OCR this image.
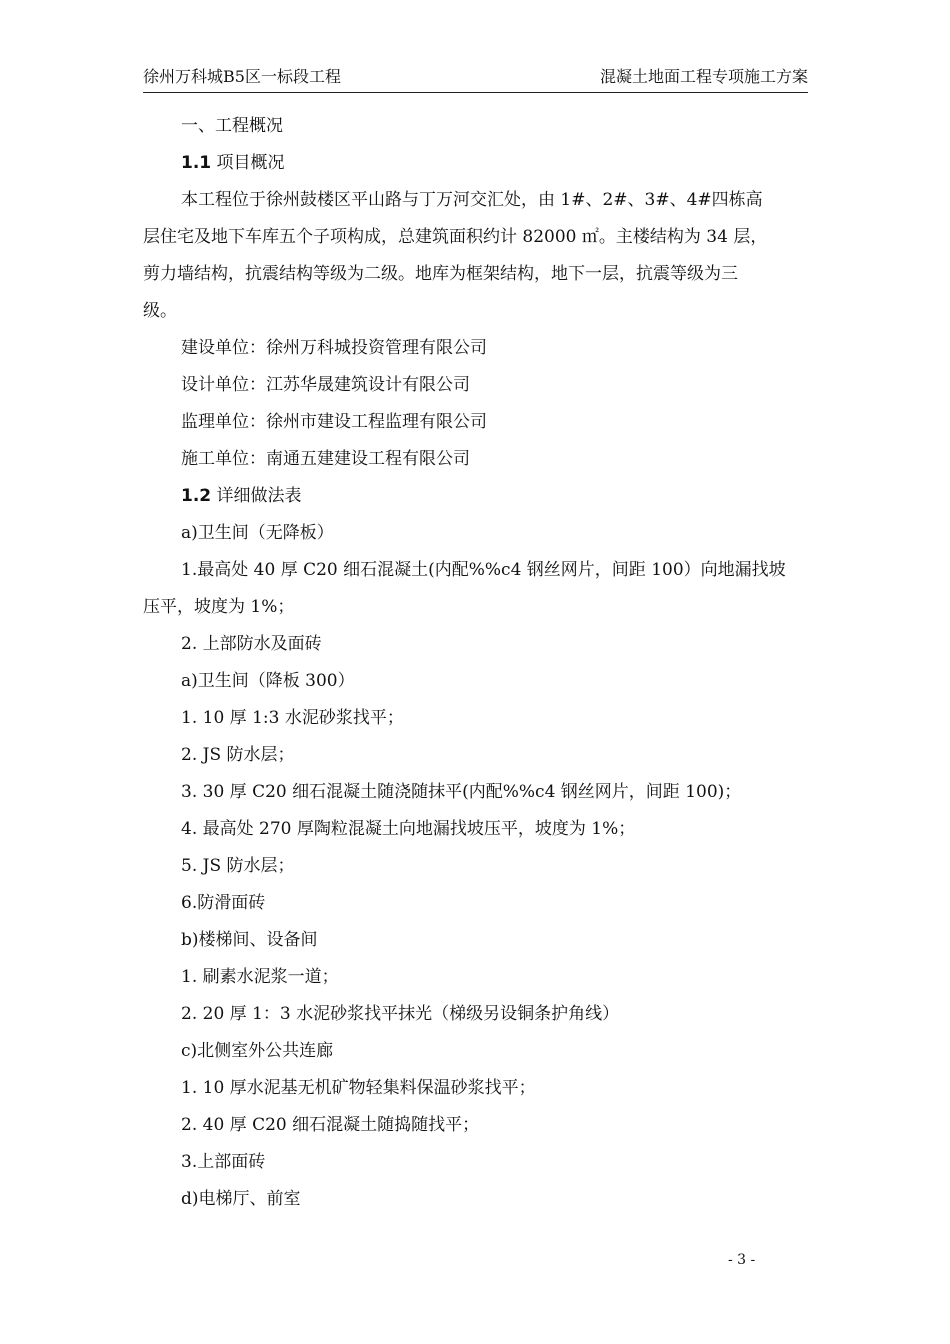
徐州万科城B5区一标段工程	混凝土地面工程专项施工方案
一、工程概况
1.1 项目概况
本工程位于徐州鼓楼区平山路与丁万河交汇处，由 1#、2#、3#、4#四栋高
层住宅及地下车库五个子项构成，总建筑面积约计 82000 ㎡。主楼结构为 34 层，
剪力墙结构，抗震结构等级为二级。地库为框架结构，地下一层，抗震等级为三
级。
建设单位：徐州万科城投资管理有限公司
设计单位：江苏华晟建筑设计有限公司
监理单位：徐州市建设工程监理有限公司
施工单位：南通五建建设工程有限公司
1.2 详细做法表
a)卫生间（无降板）
1.最高处 40 厚 C20 细石混凝土(内配%%c4 钢丝网片，间距 100）向地漏找坡
压平，坡度为 1%；
2. 上部防水及面砖
a)卫生间（降板 300）
1. 10 厚 1:3 水泥砂浆找平；
2. JS 防水层；
3. 30 厚 C20 细石混凝土随浇随抹平(内配%%c4 钢丝网片，间距 100)；
4. 最高处 270 厚陶粒混凝土向地漏找坡压平，坡度为 1%；
5. JS 防水层；
6.防滑面砖
b)楼梯间、设备间
1. 刷素水泥浆一道；
2. 20 厚 1：3 水泥砂浆找平抹光（梯级另设铜条护角线）
c)北侧室外公共连廊
1. 10 厚水泥基无机矿物轻集料保温砂浆找平；
2. 40 厚 C20 细石混凝土随捣随找平；
3.上部面砖
d)电梯厅、前室
- 3 -
